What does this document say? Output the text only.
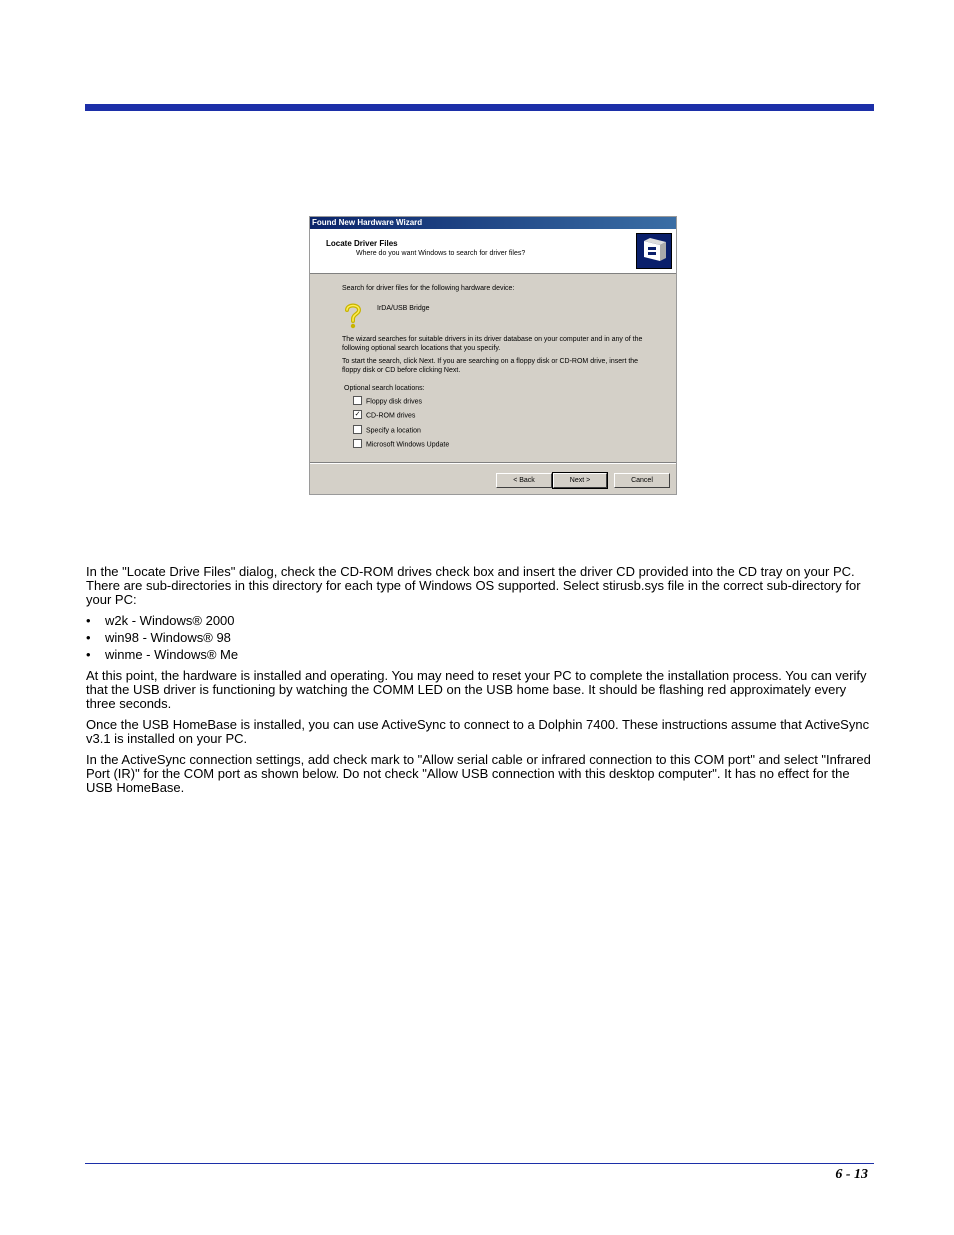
Found New Hardware Wizard
Locate Driver Files
Where do you want Windows to search for driver files?
Search for driver files for the following hardware device:
IrDA/USB Bridge
The wizard searches for suitable drivers in its driver database on your computer and in any of the following optional search locations that you specify.
To start the search, click Next. If you are searching on a floppy disk or CD-ROM drive, insert the floppy disk or CD before clicking Next.
Optional search locations:
Floppy disk drives
✓ CD-ROM drives
Specify a location
Microsoft Windows Update
< Back	Next >	Cancel

In the "Locate Drive Files" dialog, check the CD-ROM drives check box and insert the driver CD provided into the CD tray on your PC. There are sub-directories in this directory for each type of Windows OS supported. Select stirusb.sys file in the correct sub-directory for your PC:

• w2k - Windows® 2000
• win98 - Windows® 98
• winme - Windows® Me

At this point, the hardware is installed and operating. You may need to reset your PC to complete the installation process. You can verify that the USB driver is functioning by watching the COMM LED on the USB home base. It should be flashing red approximately every three seconds.

Once the USB HomeBase is installed, you can use ActiveSync to connect to a Dolphin 7400. These instructions assume that ActiveSync v3.1 is installed on your PC.

In the ActiveSync connection settings, add check mark to "Allow serial cable or infrared connection to this COM port" and select "Infrared Port (IR)" for the COM port as shown below. Do not check "Allow USB connection with this desktop computer". It has no effect for the USB HomeBase.

6 - 13
